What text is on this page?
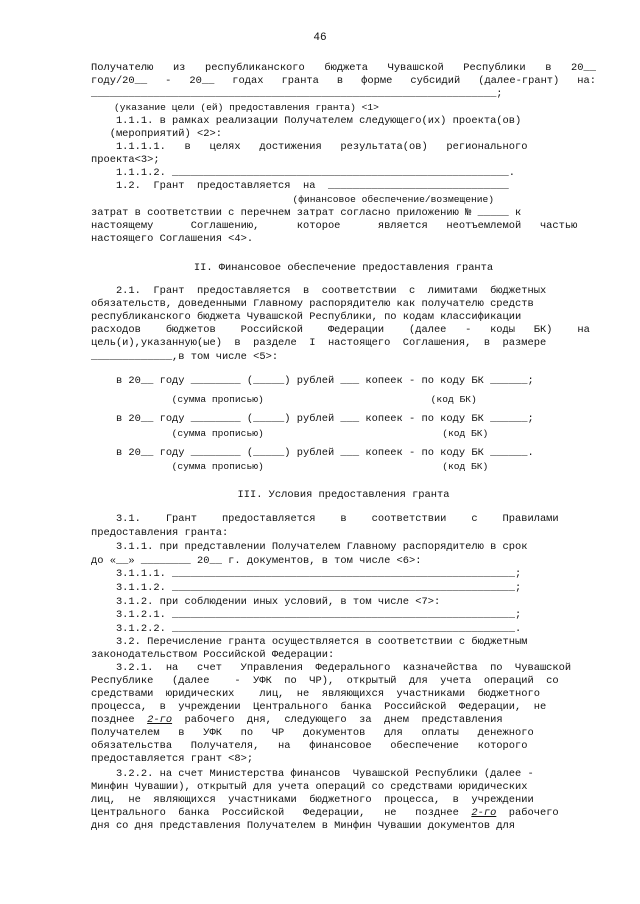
46
Получателю из республиканского бюджета Чувашской Республики в 20__
году/20__ - 20__ годах гранта в форме субсидий (далее-грант) на:
_________________________________________________________________;
(указание цели (ей) предоставления гранта) <1>
1.1.1. в рамках реализации Получателем следующего(их) проекта(ов)
(мероприятий) <2>:
1.1.1.1.   в   целях   достижения   результата(ов)   регионального
проекта<3>;
1.1.1.2. ______________________________________________________.
1.2.  Грант  предоставляется  на  _____________________________
(финансовое обеспечение/возмещение)
затрат в соответствии с перечнем затрат согласно приложению № _____ к
настоящему      Соглашению,      которое      является   неотъемлемой   частью
настоящего Соглашения <4>.
II. Финансовое обеспечение предоставления гранта
2.1.  Грант  предоставляется  в  соответствии  с  лимитами  бюджетных
обязательств, доведенными Главному распорядителю как получателю средств
республиканского бюджета Чувашской Республики, по кодам классификации
расходов    бюджетов    Российской    Федерации    (далее   -   коды   БК)    на
цель(и),указанную(ые)  в  разделе  I  настоящего  Соглашения,  в  размере
_____________,в том числе <5>:
в 20__ году ________ (_____) рублей ___ копеек - по коду БК ______;
(сумма прописью)                             (код БК)
в 20__ году ________ (_____) рублей ___ копеек - по коду БК ______;
(сумма прописью)                               (код БК)
в 20__ году ________ (_____) рублей ___ копеек - по коду БК ______.
(сумма прописью)                               (код БК)
III. Условия предоставления гранта
3.1.    Грант    предоставляется    в    соответствии    с    Правилами
предоставления гранта:
3.1.1. при представлении Получателем Главному распорядителю в срок
до «__» ________ 20__ г. документов, в том числе <6>:
3.1.1.1. _______________________________________________________;
3.1.1.2. _______________________________________________________;
3.1.2. при соблюдении иных условий, в том числе <7>:
3.1.2.1. _______________________________________________________;
3.1.2.2. _______________________________________________________.
3.2. Перечисление гранта осуществляется в соответствии с бюджетным
законодательством Российской Федерации:
3.2.1.  на   счет   Управления  Федерального  казначейства  по  Чувашской
Республике   (далее    -  УФК  по  ЧР),  открытый  для  учета  операций  со
средствами  юридических    лиц,  не  являющихся  участниками  бюджетного
процесса,  в  учреждении  Центрального  банка  Российской  Федерации,  не
позднее  2-го  рабочего  дня,  следующего  за  днем  представления
Получателем   в   УФК   по   ЧР   документов   для   оплаты   денежного
обязательства   Получателя,   на   финансовое   обеспечение   которого
предоставляется грант <8>;
3.2.2. на счет Министерства финансов  Чувашской Республики (далее -
Минфин Чувашии), открытый для учета операций со средствами юридических
лиц,  не  являющихся  участниками  бюджетного  процесса,  в  учреждении
Центрального  банка  Российской   Федерации,   не   позднее  2-го  рабочего
дня со дня представления Получателем в Минфин Чувашии документов для
